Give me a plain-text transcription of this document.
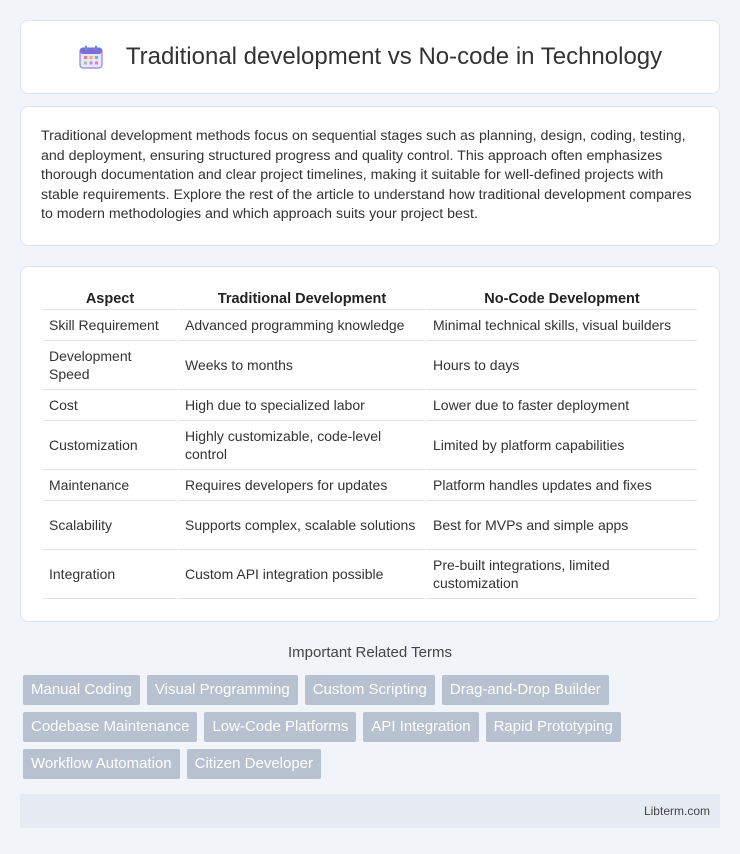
Traditional development vs No-code in Technology

Traditional development methods focus on sequential stages such as planning, design, coding, testing, and deployment, ensuring structured progress and quality control. This approach often emphasizes thorough documentation and clear project timelines, making it suitable for well-defined projects with stable requirements. Explore the rest of the article to understand how traditional development compares to modern methodologies and which approach suits your project best.

Aspect	Traditional Development	No-Code Development
Skill Requirement	Advanced programming knowledge	Minimal technical skills, visual builders
Development Speed	Weeks to months	Hours to days
Cost	High due to specialized labor	Lower due to faster deployment
Customization	Highly customizable, code-level control	Limited by platform capabilities
Maintenance	Requires developers for updates	Platform handles updates and fixes
Scalability	Supports complex, scalable solutions	Best for MVPs and simple apps
Integration	Custom API integration possible	Pre-built integrations, limited customization
Important Related Terms
Manual Coding	Visual Programming	Custom Scripting	Drag-and-Drop Builder
Codebase Maintenance	Low-Code Platforms	API Integration	Rapid Prototyping
Workflow Automation	Citizen Developer
Libterm.com
